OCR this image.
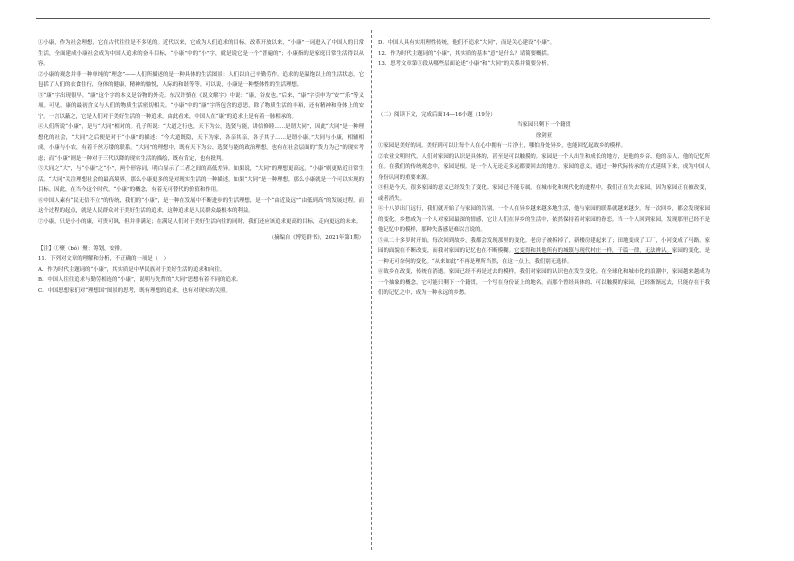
①小康，作为社会理想，它在古代往往是不多见的。近代以来，它成为人们追求的目标。改革开放以来，“小康”一词进入了中国人的日常生活，全面建成小康社会成为中国人追求的奋斗目标，“小康”中的“小”字，就是说它是一个“普遍的”；小康指的是家庭日常生活得以从容。

②小康的观念并非一种单纯的“理念”——人们所描述的是一种具体的生活图景：人们以自己辛勤劳作，追求的是温饱以上的生活状态，它包括了人们的衣食住行，身体的健康，精神的愉悦，人际的和谐等等。可以说，小康是一种整体性的生活理想。

③“康”字出现很早。“康”这个字的本义是谷物的外壳。东汉许慎在《说文解字》中说：“康，谷皮也。”后来，“康”字引申为“安”“乐”等义项。可见，康的最初含义与人们的物质生活密切相关。“小康”中的“康”字所包含的意思，除了物质生活的丰裕，还有精神和身体上的安宁。一言以蔽之，它是人们对于美好生活的一种追求。由此看来，中国人在“康”的追求上是有着一脉相承的。

④人们所说“小康”，是与“大同”相对的。孔子所说：“大道之行也，天下为公，选贤与能，讲信修睦……是谓大同”，因此“大同”是一种理想化的社会，“大同”之后便是对于“小康”的描述：“今大道既隐，天下为家，各亲其亲，各子其子……是谓小康。”大同与小康，相辅相成。小康与小农，有着千丝万缕的联系。“大同”的理想中，既有天下为公、选贤与能的政治理想，也有在社会层面的“货力为己”的现实考虑；而“小康”则是一种对于三代以降的现实生活的描绘，既有肯定，也有批判。

⑤大同之“大”，与“小康”之“小”，两个形容词，明白显示了二者之间的高低差异。如果说，“大同”的理想更高远，“小康”则更贴近日常生活。“大同”关注理想社会的最高境界，那么小康更多的是对现实生活的一种描述，如果“大同”是一种理想，那么小康就是一个可以实现的目标。因此，在当今这个时代，“小康”的概念，有着无可替代的价值和作用。

⑥中国人素有“民无信不立”的传统，我们的“小康”，是一种在发展中不断进步的生活理想，是一个“由近及远”“由低到高”的发展过程，而这个过程的起点，就是人民群众对于美好生活的追求，这种追求是人民群众最根本的利益。

⑦小康，只是小小的康，可贵可讽，但并非满足；在满足人们对于美好生活向往的同时，我们还应该追求更高的目标，走向更远的未来。

（摘编自《博览群书》，2021年第1期）

【注】①聚（bó）聚：筹划，安排。

11．下列对文章的理解和分析，不正确的一项是（　）

A．作为时代主题词的“小康”，其实质是中华民族对于美好生活的追求和向往。

B．中国人往往追求与勤劳相连的“小康”，说明与先哲的“大同”思想有着不同的追求。

C．中国思想家们对“理想国”图景的思考，既有理想的追求，也有对现实的关照。

D．中国人具有实用理性传统，他们不追求“大同”，而是关心建设“小康”。

12．作为时代主题词的“小康”，其实质的基本“意”是什么？请简要概括。

13．思考文章第⑤段从哪些层面论述“小康”和“大同”的关系并简要分析。

（二）阅读下文，完成后面14—16小题（19分）

当家园只剩下一个籍贯

徐剑亚

①家园是美好的词，美好到可以让每个人在心中拥有一片净土，哪怕身处异乡，也能回忆起故乡的模样。

②农业文明时代，人们对家园的认识是具体的，甚至是可以触摸的。家园是一个人出生和成长的地方，是他的乡音、他的亲人、他的记忆所在。在我们的传统观念中，家园是根，是一个人无论走多远都要回去的地方。家园的意义，通过一种代际传承的方式延续下来，成为中国人身份认同的重要来源。

③但是今天，很多家园的意义已经发生了变化。家园已不能专属。在城市化和现代化的进程中，我们正在失去家园，因为家园正在被改变，或者消失。

④十八岁出门远行，我们就开始了与家园的告别。一个人在异乡越来越多地生活，他与家园的联系就越来越少。每一次回乡，都会发现家园的变化。乡愁成为一个人对家园最深的情感，它让人们在异乡的生活中，依然保持着对家园的眷恋。当一个人回到家园，发现那里已经不是他记忆中的模样，那种失落感是难以言说的。

⑤从二十多岁时开始，每次回到故乡，我都会发现那里的变化。老房子被拆掉了，新楼房建起来了；田地变成了工厂，小河变成了马路。家园的面貌在不断改变，而我对家园的记忆也在不断模糊。它变得和其他所有的城镇与现代村庄一样，千篇一律，无法辨认。家园的变化，是一种无可奈何的变化。“从来如此”不再是理所当然，在这一点上，我们别无选择。

⑥故乡在改变，传统在消逝。家园已经不再是过去的模样，我们对家园的认识也在发生变化。在全球化和城市化的浪潮中，家园越来越成为一个抽象的概念，它可能只剩下一个籍贯，一个写在身份证上的地名。而那个曾经具体的、可以触摸的家园，已经渐渐远去，只能存在于我们的记忆之中，成为一种永远的乡愁。
